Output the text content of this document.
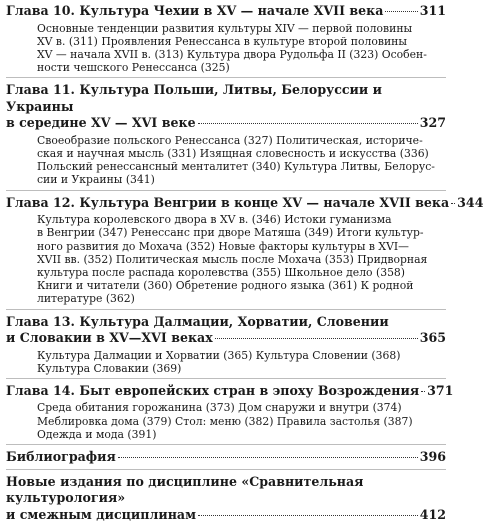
Глава 10. Культура Чехии в XV — начале XVII века	311
Основные тенденции развития культуры XIV — первой половины
XV в. (311) Проявления Ренессанса в культуре второй половины
XV — начала XVII в. (313) Культура двора Рудольфа II (323) Особен-
ности чешского Ренессанса (325)
Глава 11. Культура Польши, Литвы, Белоруссии и Украины
в середине XV — XVI веке	327
Своеобразие польского Ренессанса (327) Политическая, историче-
ская и научная мысль (331) Изящная словесность и искусства (336)
Польский ренессансный менталитет (340) Культура Литвы, Белорус-
сии и Украины (341)
Глава 12. Культура Венгрии в конце XV — начале XVII века 344
Культура королевского двора в XV в. (346) Истоки гуманизма
в Венгрии (347) Ренессанс при дворе Матяша (349) Итоги культур-
ного развития до Мохача (352) Новые факторы культуры в XVI—
XVII вв. (352) Политическая мысль после Мохача (353) Придворная
культура после распада королевства (355) Школьное дело (358)
Книги и читатели (360) Обретение родного языка (361) К родной
литературе (362)
Глава 13. Культура Далмации, Хорватии, Словении
и Словакии в XV—XVI веках	365
Культура Далмации и Хорватии (365) Культура Словении (368)
Культура Словакии (369)
Глава 14. Быт европейских стран в эпоху Возрождения 371
Среда обитания горожанина (373) Дом снаружи и внутри (374)
Меблировка дома (379) Стол: меню (382) Правила застолья (387)
Одежда и мода (391)
Библиография	396
Новые издания по дисциплине «Сравнительная культурология»
и смежным дисциплинам	412
